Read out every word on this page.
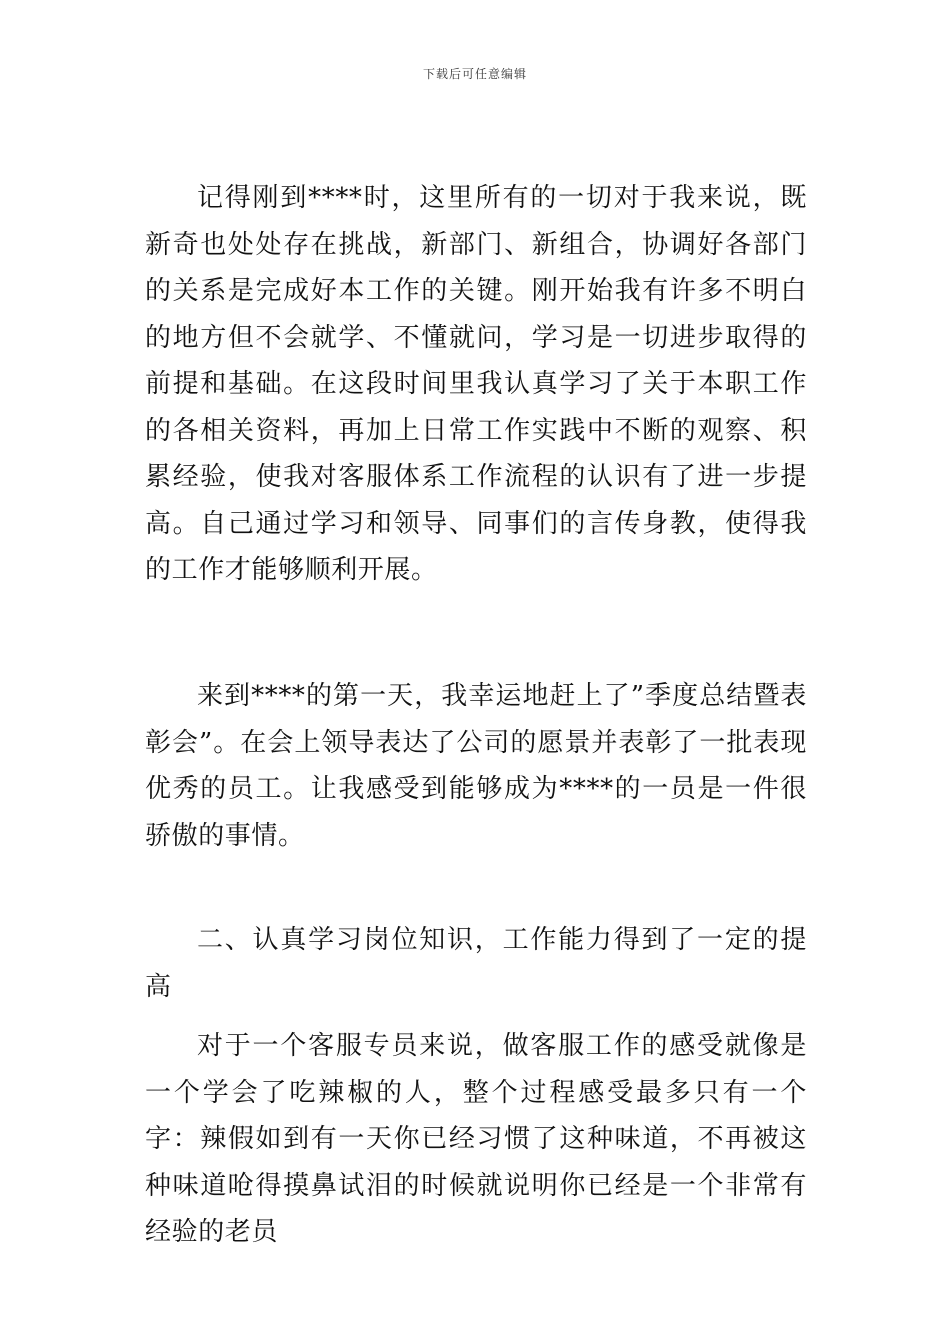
下载后可任意编辑

记得刚到****时，这里所有的一切对于我来说，既新奇也处处存在挑战，新部门、新组合，协调好各部门的关系是完成好本工作的关键。刚开始我有许多不明白的地方但不会就学、不懂就问，学习是一切进步取得的前提和基础。在这段时间里我认真学习了关于本职工作的各相关资料，再加上日常工作实践中不断的观察、积累经验，使我对客服体系工作流程的认识有了进一步提高。自己通过学习和领导、同事们的言传身教，使得我的工作才能够顺利开展。

来到****的第一天，我幸运地赶上了”季度总结暨表彰会”。在会上领导表达了公司的愿景并表彰了一批表现优秀的员工。让我感受到能够成为****的一员是一件很骄傲的事情。

二、认真学习岗位知识，工作能力得到了一定的提高

对于一个客服专员来说，做客服工作的感受就像是一个学会了吃辣椒的人，整个过程感受最多只有一个字：辣假如到有一天你已经习惯了这种味道，不再被这种味道呛得摸鼻试泪的时候就说明你已经是一个非常有经验的老员
